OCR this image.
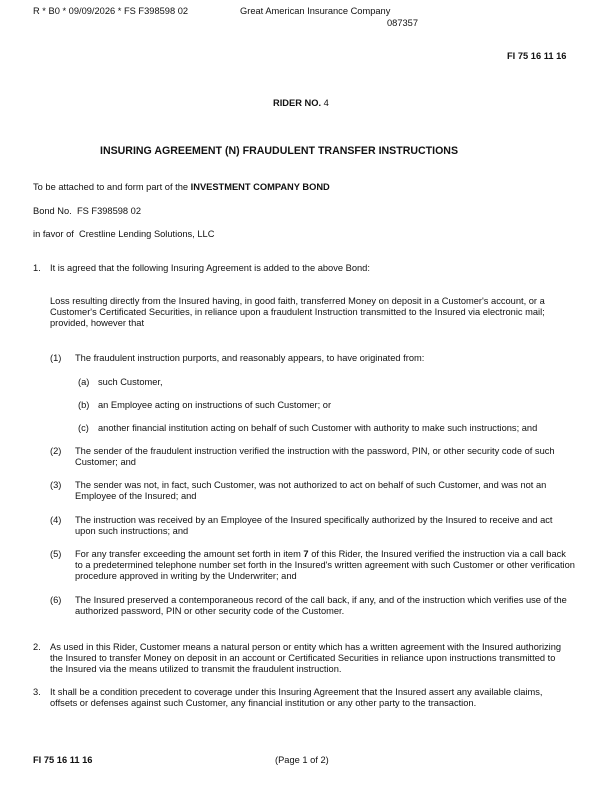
R * B0 * 09/09/2026 * FS F398598 02	Great American Insurance Company
087357
FI 75 16 11 16
RIDER NO. 4
INSURING AGREEMENT (N) FRAUDULENT TRANSFER INSTRUCTIONS
To be attached to and form part of the INVESTMENT COMPANY BOND
Bond No. FS F398598 02
in favor of Crestline Lending Solutions, LLC
1. It is agreed that the following Insuring Agreement is added to the above Bond:
Loss resulting directly from the Insured having, in good faith, transferred Money on deposit in a Customer's account, or a Customer's Certificated Securities, in reliance upon a fraudulent Instruction transmitted to the Insured via electronic mail; provided, however that
(1) The fraudulent instruction purports, and reasonably appears, to have originated from:
(a) such Customer,
(b) an Employee acting on instructions of such Customer; or
(c) another financial institution acting on behalf of such Customer with authority to make such instructions; and
(2) The sender of the fraudulent instruction verified the instruction with the password, PIN, or other security code of such Customer; and
(3) The sender was not, in fact, such Customer, was not authorized to act on behalf of such Customer, and was not an Employee of the Insured; and
(4) The instruction was received by an Employee of the Insured specifically authorized by the Insured to receive and act upon such instructions; and
(5) For any transfer exceeding the amount set forth in item 7 of this Rider, the Insured verified the instruction via a call back to a predetermined telephone number set forth in the Insured's written agreement with such Customer or other verification procedure approved in writing by the Underwriter; and
(6) The Insured preserved a contemporaneous record of the call back, if any, and of the instruction which verifies use of the authorized password, PIN or other security code of the Customer.
2. As used in this Rider, Customer means a natural person or entity which has a written agreement with the Insured authorizing the Insured to transfer Money on deposit in an account or Certificated Securities in reliance upon instructions transmitted to the Insured via the means utilized to transmit the fraudulent instruction.
3. It shall be a condition precedent to coverage under this Insuring Agreement that the Insured assert any available claims, offsets or defenses against such Customer, any financial institution or any other party to the transaction.
FI 75 16 11 16	(Page 1 of 2)
